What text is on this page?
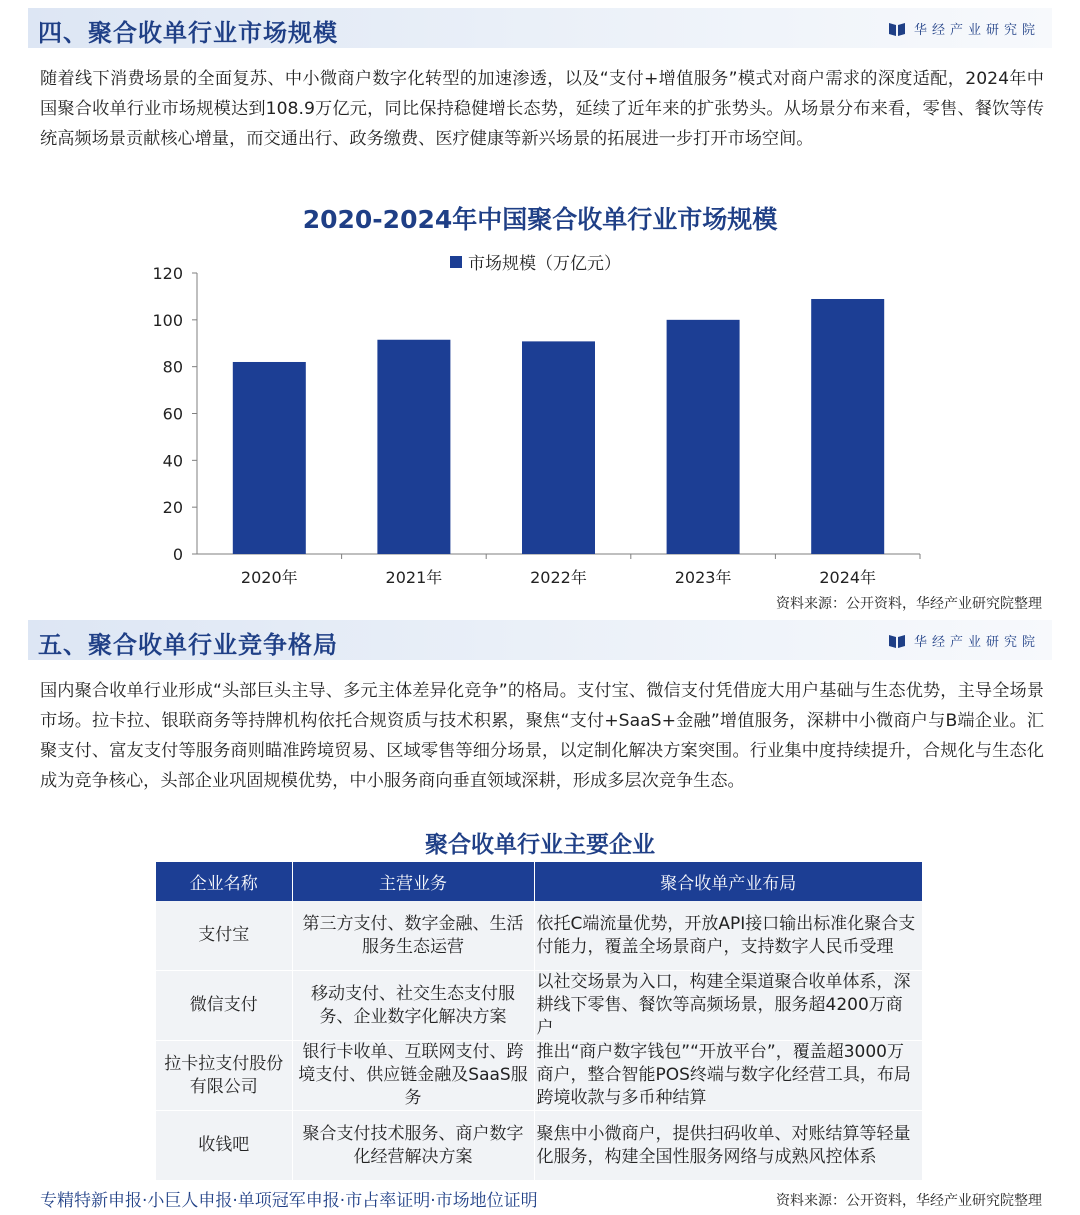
四、聚合收单行业市场规模	华经产业研究院

随着线下消费场景的全面复苏、中小微商户数字化转型的加速渗透，以及“支付+增值服务”模式对商户需求的深度适配，2024年中国聚合收单行业市场规模达到108.9万亿元，同比保持稳健增长态势，延续了近年来的扩张势头。从场景分布来看，零售、餐饮等传统高频场景贡献核心增量，而交通出行、政务缴费、医疗健康等新兴场景的拓展进一步打开市场空间。

2020-2024年中国聚合收单行业市场规模
市场规模（万亿元）
0
20
40
60
80
100
120
2020年	2021年	2022年	2023年	2024年
资料来源：公开资料，华经产业研究院整理
五、聚合收单行业竞争格局	华经产业研究院

国内聚合收单行业形成“头部巨头主导、多元主体差异化竞争”的格局。支付宝、微信支付凭借庞大用户基础与生态优势，主导全场景市场。拉卡拉、银联商务等持牌机构依托合规资质与技术积累，聚焦“支付+SaaS+金融”增值服务，深耕中小微商户与B端企业。汇聚支付、富友支付等服务商则瞄准跨境贸易、区域零售等细分场景，以定制化解决方案突围。行业集中度持续提升，合规化与生态化成为竞争核心，头部企业巩固规模优势，中小服务商向垂直领域深耕，形成多层次竞争生态。

聚合收单行业主要企业
企业名称	主营业务	聚合收单产业布局
支付宝	第三方支付、数字金融、生活服务生态运营	依托C端流量优势，开放API接口输出标准化聚合支付能力，覆盖全场景商户，支持数字人民币受理
微信支付	移动支付、社交生态支付服务、企业数字化解决方案	以社交场景为入口，构建全渠道聚合收单体系，深耕线下零售、餐饮等高频场景，服务超4200万商户
拉卡拉支付股份有限公司	银行卡收单、互联网支付、跨境支付、供应链金融及SaaS服务	推出“商户数字钱包”“开放平台”，覆盖超3000万商户，整合智能POS终端与数字化经营工具，布局跨境收款与多币种结算
收钱吧	聚合支付技术服务、商户数字化经营解决方案	聚焦中小微商户，提供扫码收单、对账结算等轻量化服务，构建全国性服务网络与成熟风控体系
专精特新申报·小巨人申报·单项冠军申报·市占率证明·市场地位证明	资料来源：公开资料，华经产业研究院整理
